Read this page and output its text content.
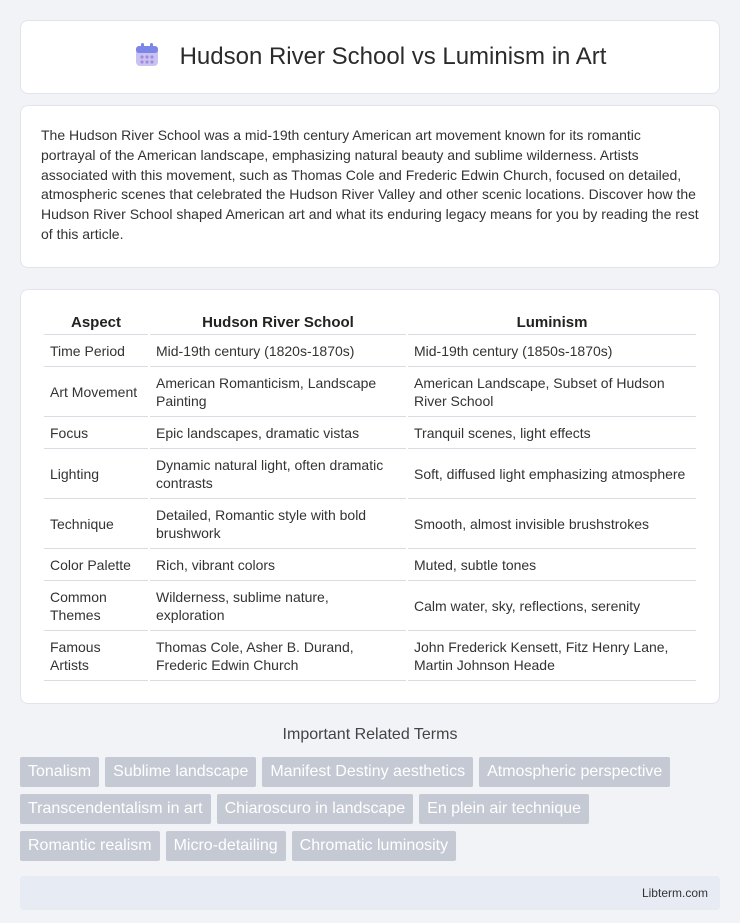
Hudson River School vs Luminism in Art

The Hudson River School was a mid-19th century American art movement known for its romantic portrayal of the American landscape, emphasizing natural beauty and sublime wilderness. Artists associated with this movement, such as Thomas Cole and Frederic Edwin Church, focused on detailed, atmospheric scenes that celebrated the Hudson River Valley and other scenic locations. Discover how the Hudson River School shaped American art and what its enduring legacy means for you by reading the rest of this article.

Aspect	Hudson River School	Luminism
Time Period	Mid-19th century (1820s-1870s)	Mid-19th century (1850s-1870s)
Art Movement	American Romanticism, Landscape Painting	American Landscape, Subset of Hudson River School
Focus	Epic landscapes, dramatic vistas	Tranquil scenes, light effects
Lighting	Dynamic natural light, often dramatic contrasts	Soft, diffused light emphasizing atmosphere
Technique	Detailed, Romantic style with bold brushwork	Smooth, almost invisible brushstrokes
Color Palette	Rich, vibrant colors	Muted, subtle tones
Common Themes	Wilderness, sublime nature, exploration	Calm water, sky, reflections, serenity
Famous Artists	Thomas Cole, Asher B. Durand, Frederic Edwin Church	John Frederick Kensett, Fitz Henry Lane, Martin Johnson Heade
Important Related Terms
Tonalism	Sublime landscape	Manifest Destiny aesthetics	Atmospheric perspective
Transcendentalism in art	Chiaroscuro in landscape	En plein air technique
Romantic realism	Micro-detailing	Chromatic luminosity
Libterm.com
